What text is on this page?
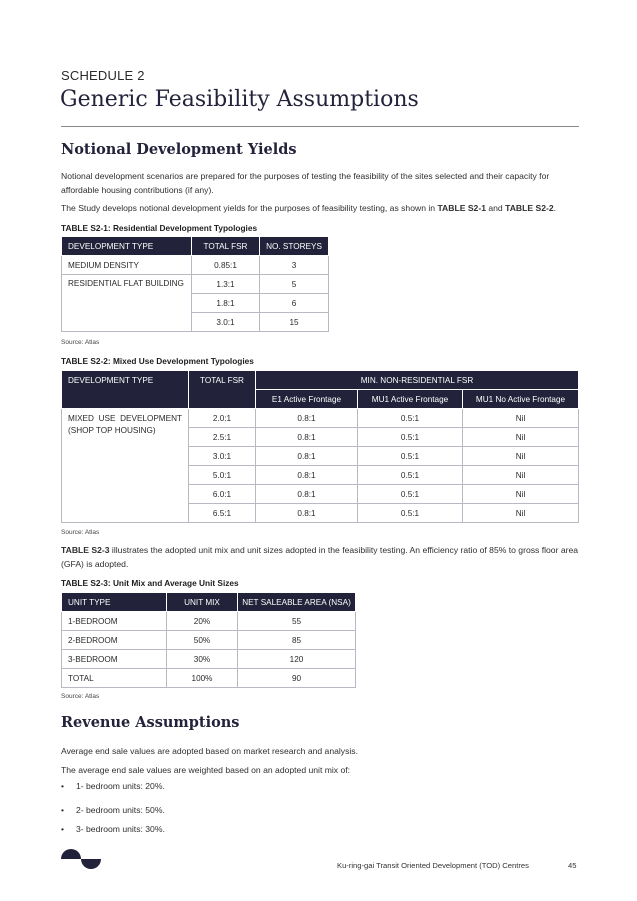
SCHEDULE 2
Generic Feasibility Assumptions
Notional Development Yields
Notional development scenarios are prepared for the purposes of testing the feasibility of the sites selected and their capacity for affordable housing contributions (if any).
The Study develops notional development yields for the purposes of feasibility testing, as shown in TABLE S2-1 and TABLE S2-2.
TABLE S2-1: Residential Development Typologies
DEVELOPMENT TYPE	TOTAL FSR	NO. STOREYS
MEDIUM DENSITY	0.85:1	3
RESIDENTIAL FLAT BUILDING	1.3:1	5
	1.8:1	6
	3.0:1	15
Source: Atlas
TABLE S2-2: Mixed Use Development Typologies
DEVELOPMENT TYPE	TOTAL FSR	MIN. NON-RESIDENTIAL FSR		
		E1 Active Frontage	MU1 Active Frontage	MU1 No Active Frontage
MIXED USE DEVELOPMENT (SHOP TOP HOUSING)	2.0:1	0.8:1	0.5:1	Nil
	2.5:1	0.8:1	0.5:1	Nil
	3.0:1	0.8:1	0.5:1	Nil
	5.0:1	0.8:1	0.5:1	Nil
	6.0:1	0.8:1	0.5:1	Nil
	6.5:1	0.8:1	0.5:1	Nil
Source: Atlas
TABLE S2-3 illustrates the adopted unit mix and unit sizes adopted in the feasibility testing. An efficiency ratio of 85% to gross floor area (GFA) is adopted.
TABLE S2-3: Unit Mix and Average Unit Sizes
UNIT TYPE	UNIT MIX	NET SALEABLE AREA (NSA)
1-BEDROOM	20%	55
2-BEDROOM	50%	85
3-BEDROOM	30%	120
TOTAL	100%	90
Source: Atlas
Revenue Assumptions
Average end sale values are adopted based on market research and analysis.
The average end sale values are weighted based on an adopted unit mix of:
• 1- bedroom units: 20%.
• 2- bedroom units: 50%.
• 3- bedroom units: 30%.
Ku-ring-gai Transit Oriented Development (TOD) Centres	45
